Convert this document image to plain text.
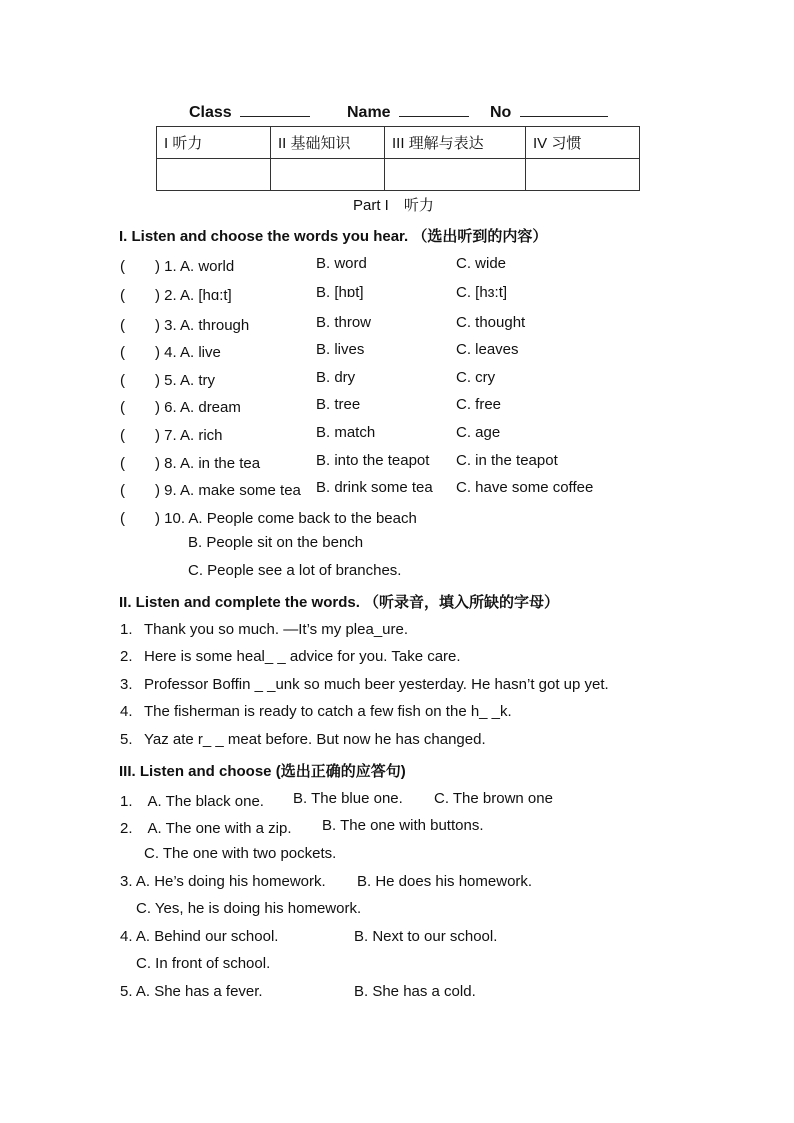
Class	Name	No
I 听力	II 基础知识	III 理解与表达	IV 习惯

Part I　听力
I. Listen and choose the words you hear. （选出听到的内容）
(　　) 1. A. world	B. word	C. wide
(　　) 2. A. [hɑ:t]	B. [hɒt]	C. [hɜ:t]
(　　) 3. A. through	B. throw	C. thought
(　　) 4. A. live	B. lives	C. leaves
(　　) 5. A. try	B. dry	C. cry
(　　) 6. A. dream	B. tree	C. free
(　　) 7. A. rich	B. match	C. age
(　　) 8. A. in the tea	B. into the teapot C. in the teapot
(　　) 9. A. make some tea B. drink some tea C. have some coffee
(　　) 10. A. People come back to the beach
B. People sit on the bench
C. People see a lot of branches.
II. Listen and complete the words. （听录音，填入所缺的字母）
1. Thank you so much. —It’s my plea_ure.
2. Here is some heal_ _ advice for you. Take care.
3. Professor Boffin _ _unk so much beer yesterday. He hasn’t got up yet.
4. The fisherman is ready to catch a few fish on the h_ _k.
5. Yaz ate r_ _ meat before. But now he has changed.
III. Listen and choose (选出正确的应答句)
1.　A. The black one. B. The blue one. C. The brown one
2.　A. The one with a zip. B. The one with buttons.
C. The one with two pockets.
3. A. He’s doing his homework. B. He does his homework.
C. Yes, he is doing his homework.
4. A. Behind our school.	B. Next to our school.
C. In front of school.
5. A. She has a fever.	B. She has a cold.
